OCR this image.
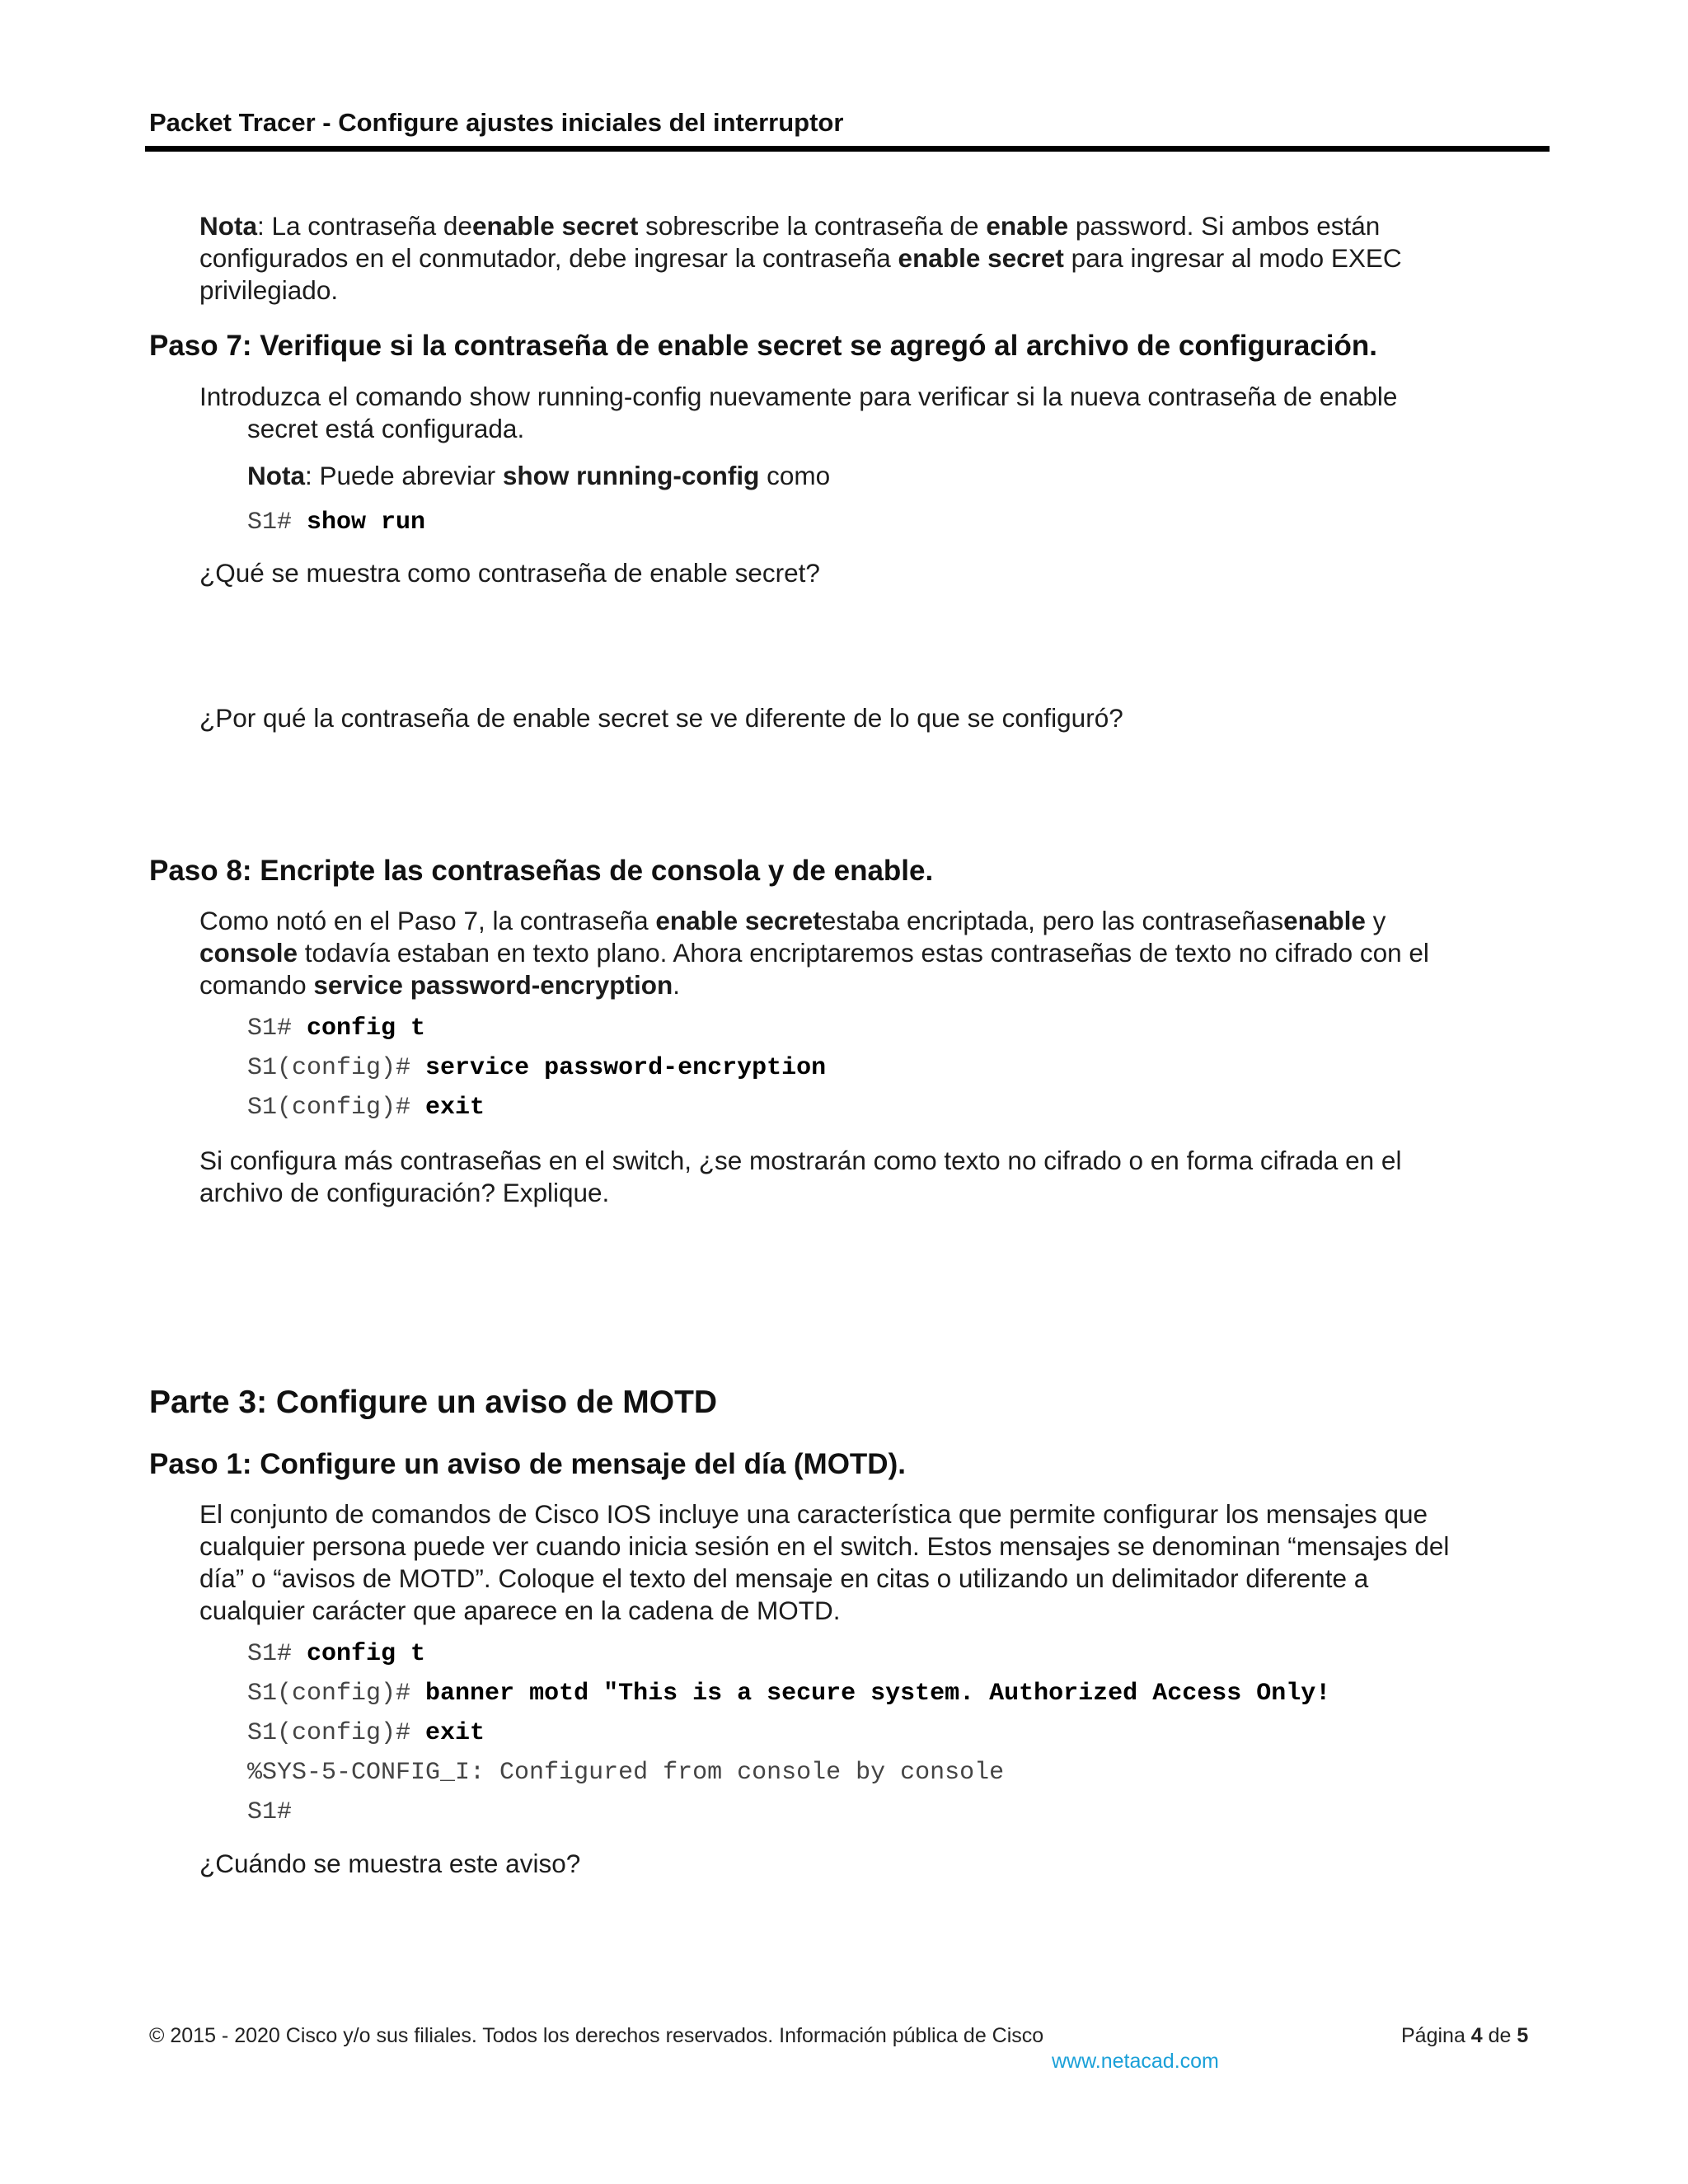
Packet Tracer - Configure ajustes iniciales del interruptor
Nota: La contraseña deenable secret sobrescribe la contraseña de enable password. Si ambos están
configurados en el conmutador, debe ingresar la contraseña enable secret para ingresar al modo EXEC
privilegiado.
Paso 7: Verifique si la contraseña de enable secret se agregó al archivo de configuración.
Introduzca el comando show running-config nuevamente para verificar si la nueva contraseña de enable
secret está configurada.
Nota: Puede abreviar show running-config como
S1# show run
¿Qué se muestra como contraseña de enable secret?
¿Por qué la contraseña de enable secret se ve diferente de lo que se configuró?
Paso 8: Encripte las contraseñas de consola y de enable.
Como notó en el Paso 7, la contraseña enable secretestaba encriptada, pero las contraseñasenable y
console todavía estaban en texto plano. Ahora encriptaremos estas contraseñas de texto no cifrado con el
comando service password-encryption.
S1# config t
S1(config)# service password-encryption
S1(config)# exit
Si configura más contraseñas en el switch, ¿se mostrarán como texto no cifrado o en forma cifrada en el
archivo de configuración? Explique.
Parte 3: Configure un aviso de MOTD
Paso 1: Configure un aviso de mensaje del día (MOTD).
El conjunto de comandos de Cisco IOS incluye una característica que permite configurar los mensajes que
cualquier persona puede ver cuando inicia sesión en el switch. Estos mensajes se denominan “mensajes del
día” o “avisos de MOTD”. Coloque el texto del mensaje en citas o utilizando un delimitador diferente a
cualquier carácter que aparece en la cadena de MOTD.
S1# config t
S1(config)# banner motd "This is a secure system. Authorized Access Only!
S1(config)# exit
%SYS-5-CONFIG_I: Configured from console by console
S1#
¿Cuándo se muestra este aviso?
© 2015 - 2020 Cisco y/o sus filiales. Todos los derechos reservados. Información pública de Cisco	Página 4 de 5
www.netacad.com
